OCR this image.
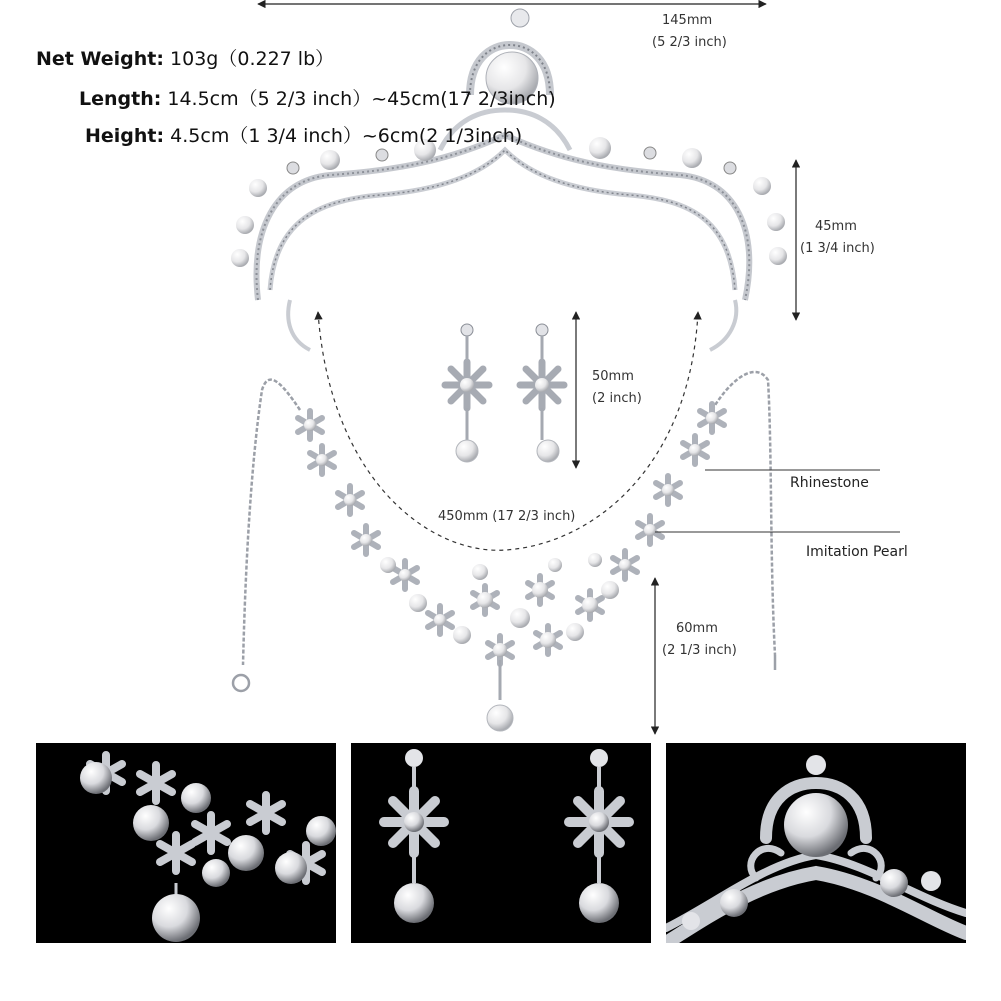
Net Weight: 103g（0.227 lb）
Length: 14.5cm（5 2/3 inch）~45cm(17 2/3inch)
Height: 4.5cm（1 3/4 inch）~6cm(2 1/3inch)
145mm
(5 2/3 inch)
45mm
(1 3/4 inch)
50mm
(2 inch)
450mm (17 2/3 inch)
60mm
(2 1/3 inch)
Rhinestone
Imitation Pearl
